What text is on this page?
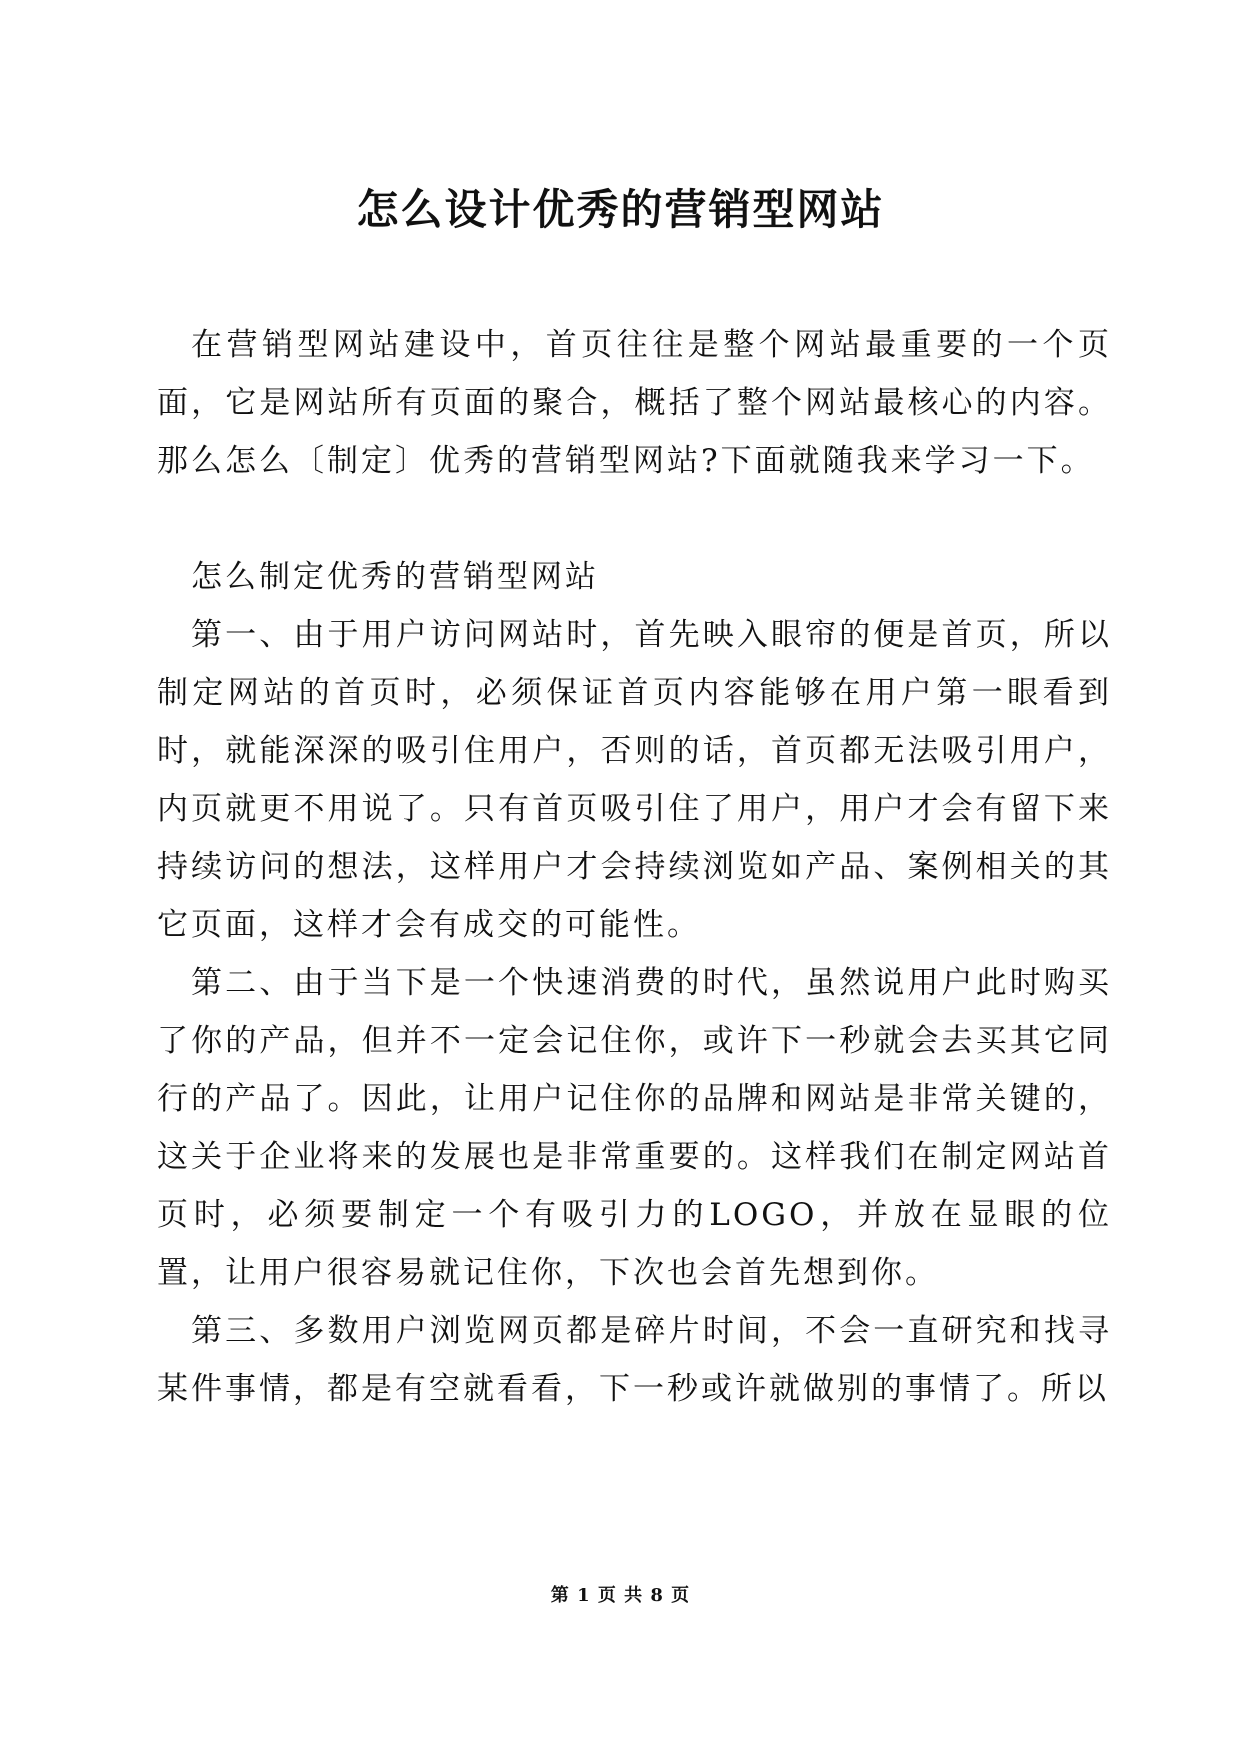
怎么设计优秀的营销型网站

在营销型网站建设中，首页往往是整个网站最重要的一个页面，它是网站所有页面的聚合，概括了整个网站最核心的内容。那么怎么〔制定〕优秀的营销型网站?下面就随我来学习一下。

怎么制定优秀的营销型网站

第一、由于用户访问网站时，首先映入眼帘的便是首页，所以制定网站的首页时，必须保证首页内容能够在用户第一眼看到时，就能深深的吸引住用户，否则的话，首页都无法吸引用户，内页就更不用说了。只有首页吸引住了用户，用户才会有留下来持续访问的想法，这样用户才会持续浏览如产品、案例相关的其它页面，这样才会有成交的可能性。

第二、由于当下是一个快速消费的时代，虽然说用户此时购买了你的产品，但并不一定会记住你，或许下一秒就会去买其它同行的产品了。因此，让用户记住你的品牌和网站是非常关键的，这关于企业将来的发展也是非常重要的。这样我们在制定网站首页时，必须要制定一个有吸引力的LOGO，并放在显眼的位置，让用户很容易就记住你，下次也会首先想到你。

第三、多数用户浏览网页都是碎片时间，不会一直研究和找寻某件事情，都是有空就看看，下一秒或许就做别的事情了。所以

第 1 页 共 8 页
